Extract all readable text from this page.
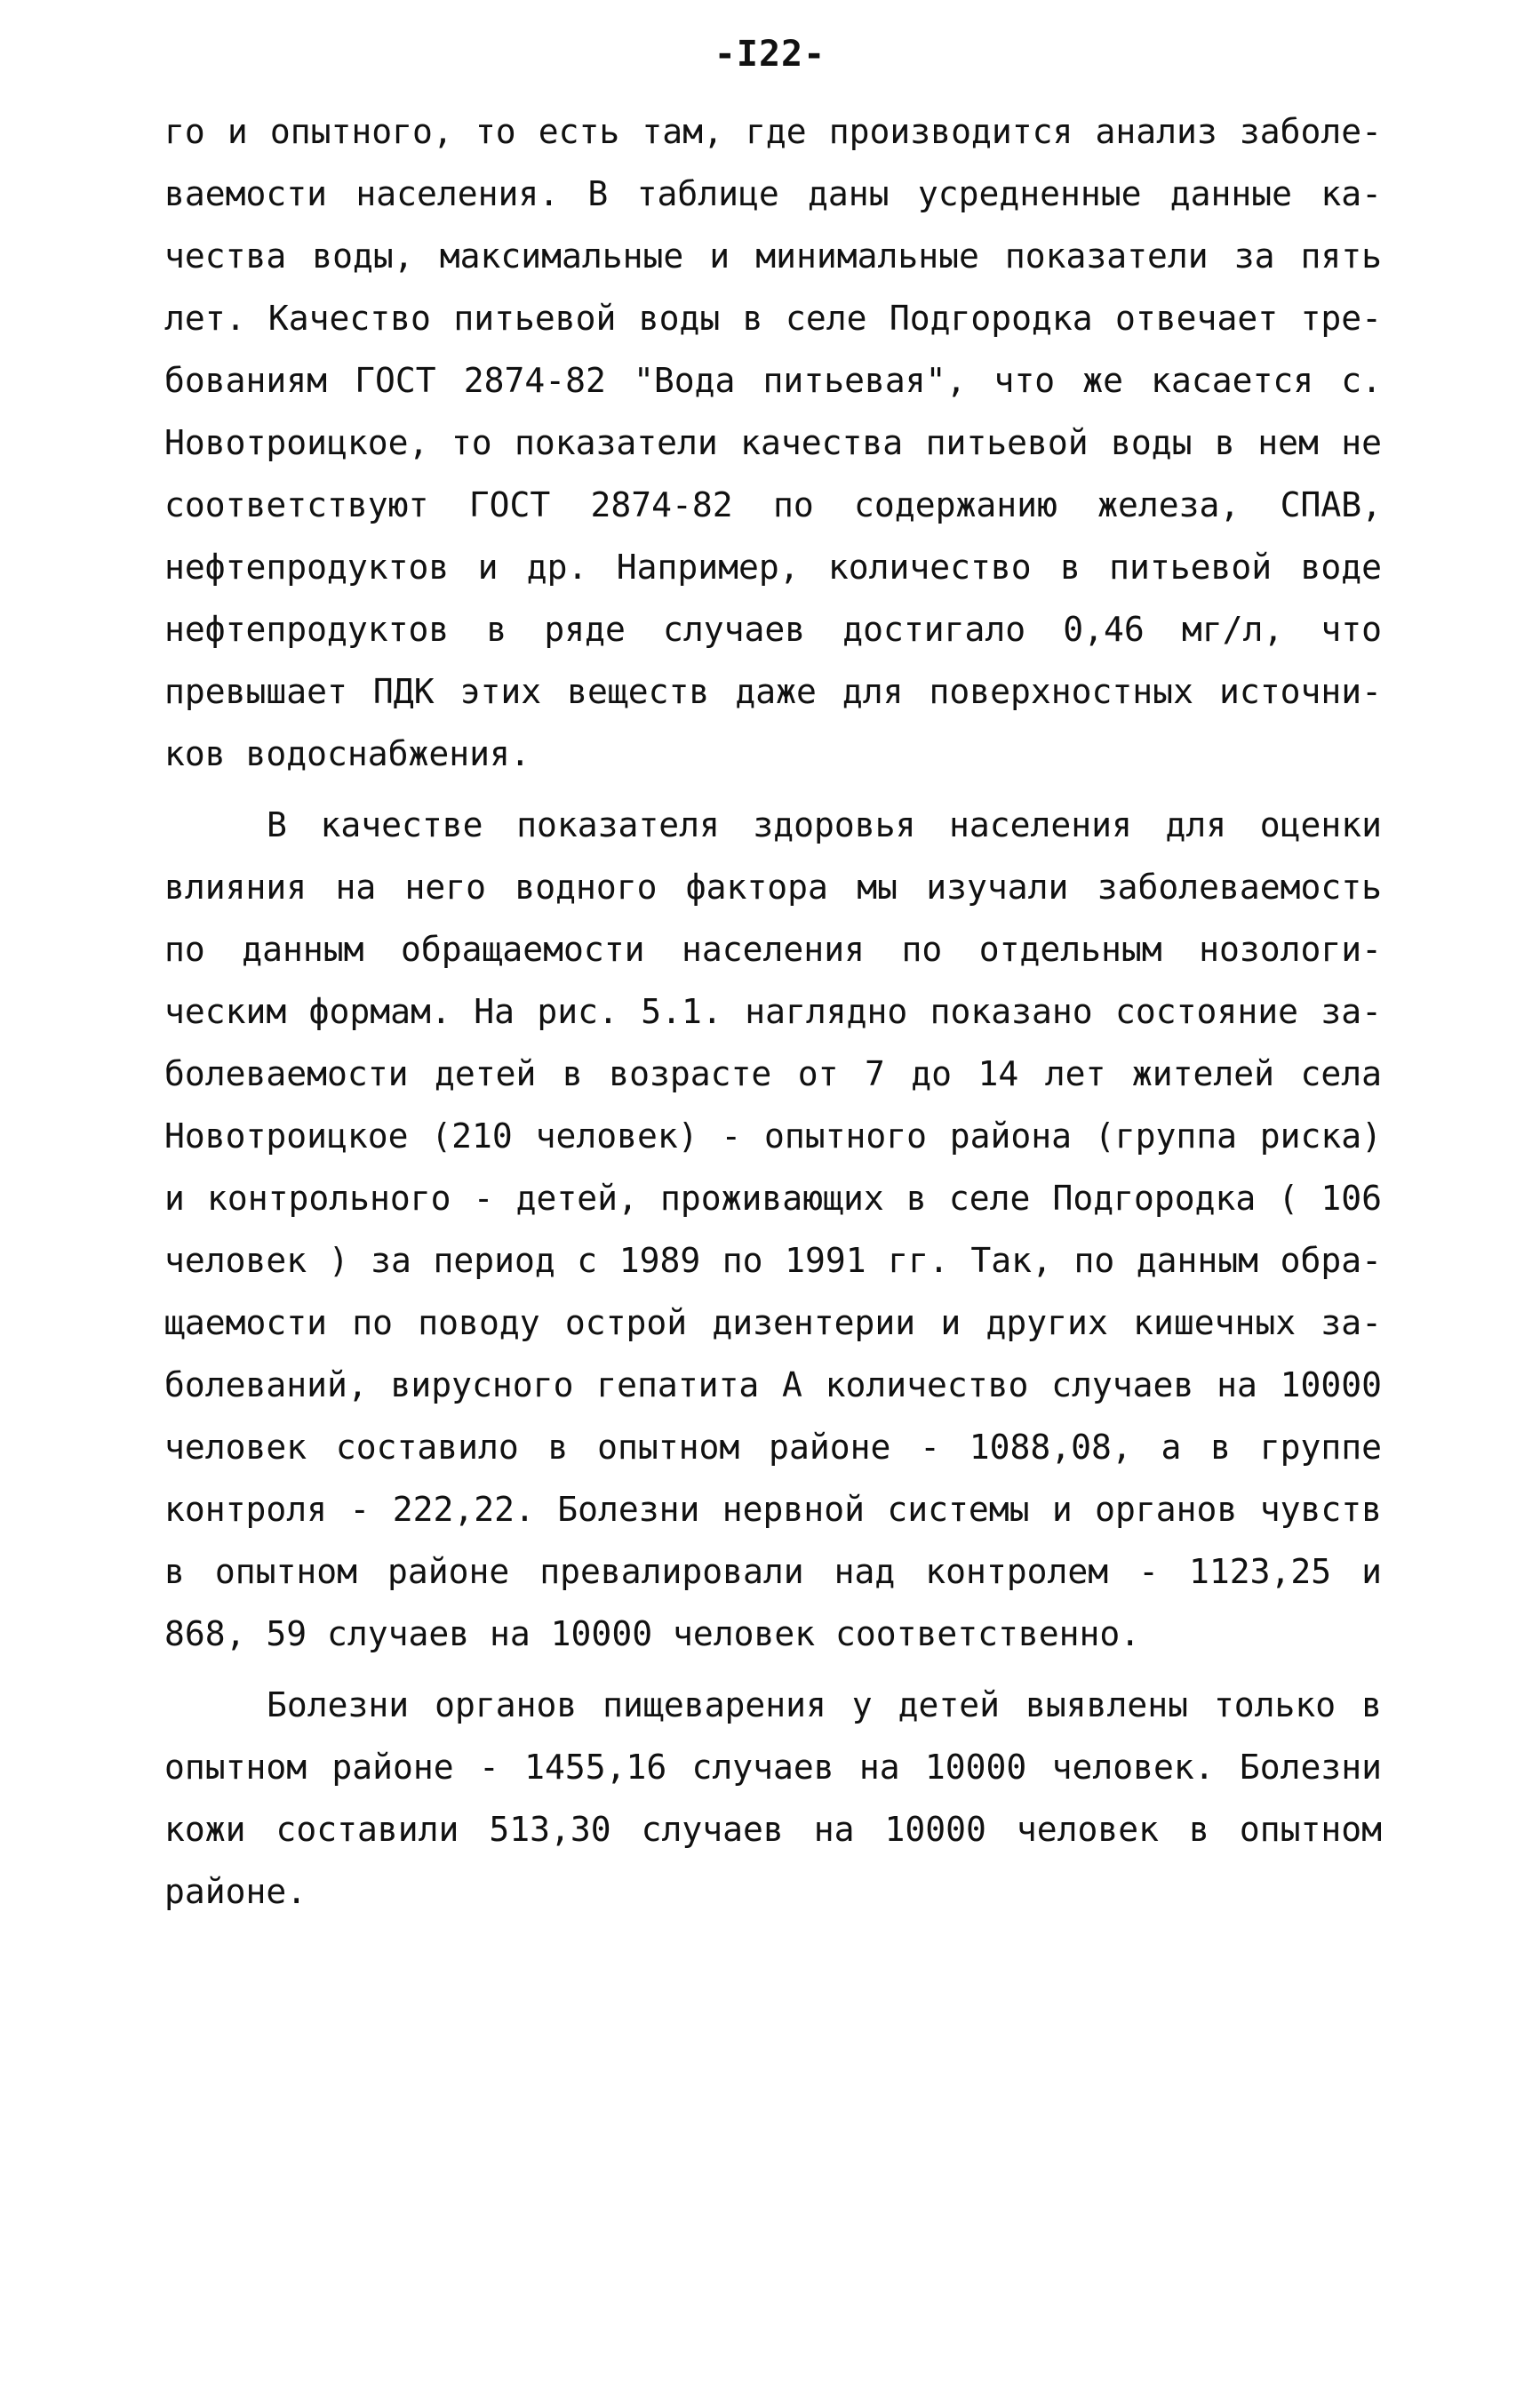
-I22-
го и опытного, то есть там, где производится анализ заболе-
ваемости населения. В таблице даны усредненные данные ка-
чества воды, максимальные и минимальные показатели за пять
лет. Качество питьевой воды в селе Подгородка отвечает тре-
бованиям ГОСТ 2874-82 "Вода питьевая", что же касается с.
Новотроицкое, то показатели качества питьевой воды в нем не
соответствуют ГОСТ 2874-82 по содержанию железа, СПАВ,
нефтепродуктов и др. Например, количество в питьевой воде
нефтепродуктов в ряде случаев достигало 0,46 мг/л, что
превышает ПДК этих веществ даже для поверхностных источни-
ков водоснабжения.
В качестве показателя здоровья населения для оценки
влияния на него водного фактора мы изучали заболеваемость
по данным обращаемости населения по отдельным нозологи-
ческим формам. На рис. 5.1. наглядно показано состояние за-
болеваемости детей в возрасте от 7 до 14 лет жителей села
Новотроицкое (210 человек) - опытного района (группа риска)
и контрольного - детей, проживающих в селе Подгородка ( 106
человек ) за период с 1989 по 1991 гг. Так, по данным обра-
щаемости по поводу острой дизентерии и других кишечных за-
болеваний, вирусного гепатита А количество случаев на 10000
человек составило в опытном районе - 1088,08, а в группе
контроля - 222,22. Болезни нервной системы и органов чувств
в опытном районе превалировали над контролем - 1123,25 и
868, 59 случаев на 10000 человек соответственно.
Болезни органов пищеварения у детей выявлены только в
опытном районе - 1455,16 случаев на 10000 человек. Болезни
кожи составили 513,30 случаев на 10000 человек в опытном
районе.
